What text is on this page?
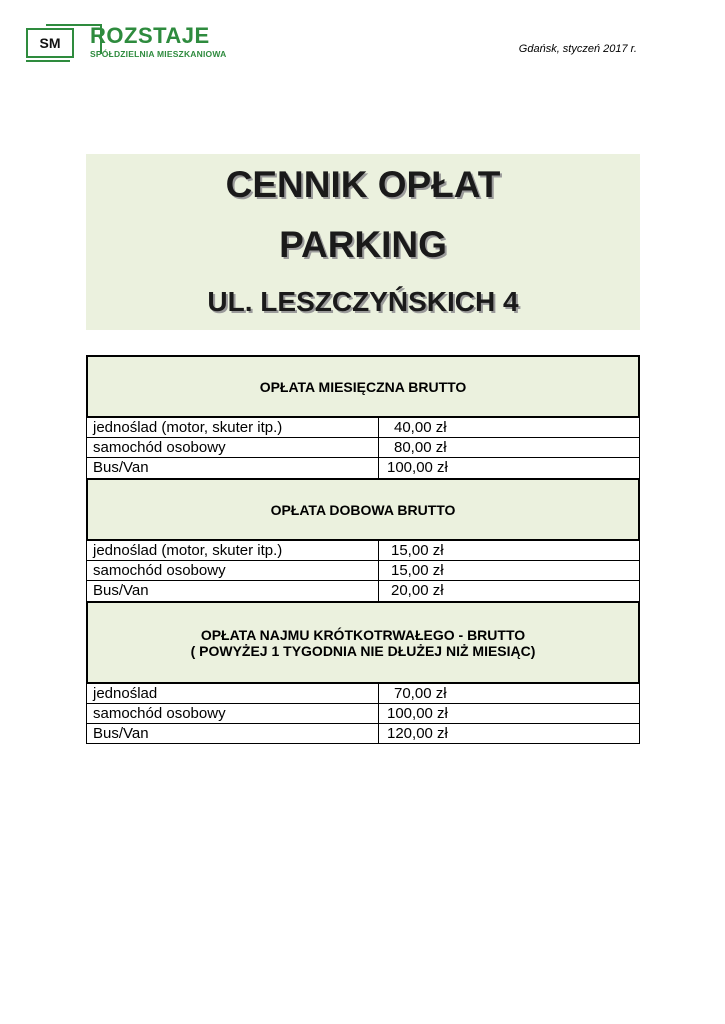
SM	ROZSTAJE
SPÓŁDZIELNIA MIESZKANIOWA	Gdańsk, styczeń 2017 r.
CENNIK OPŁAT
PARKING
UL. LESZCZYŃSKICH 4
OPŁATA MIESIĘCZNA BRUTTO
jednoślad (motor, skuter itp.)	40,00 zł
samochód osobowy	80,00 zł
Bus/Van	100,00 zł
OPŁATA DOBOWA BRUTTO
jednoślad (motor, skuter itp.)	15,00 zł
samochód osobowy	15,00 zł
Bus/Van	20,00 zł
OPŁATA NAJMU KRÓTKOTRWAŁEGO - BRUTTO
( POWYŻEJ 1 TYGODNIA NIE DŁUŻEJ NIŻ MIESIĄC)
jednoślad	70,00 zł
samochód osobowy	100,00 zł
Bus/Van	120,00 zł
